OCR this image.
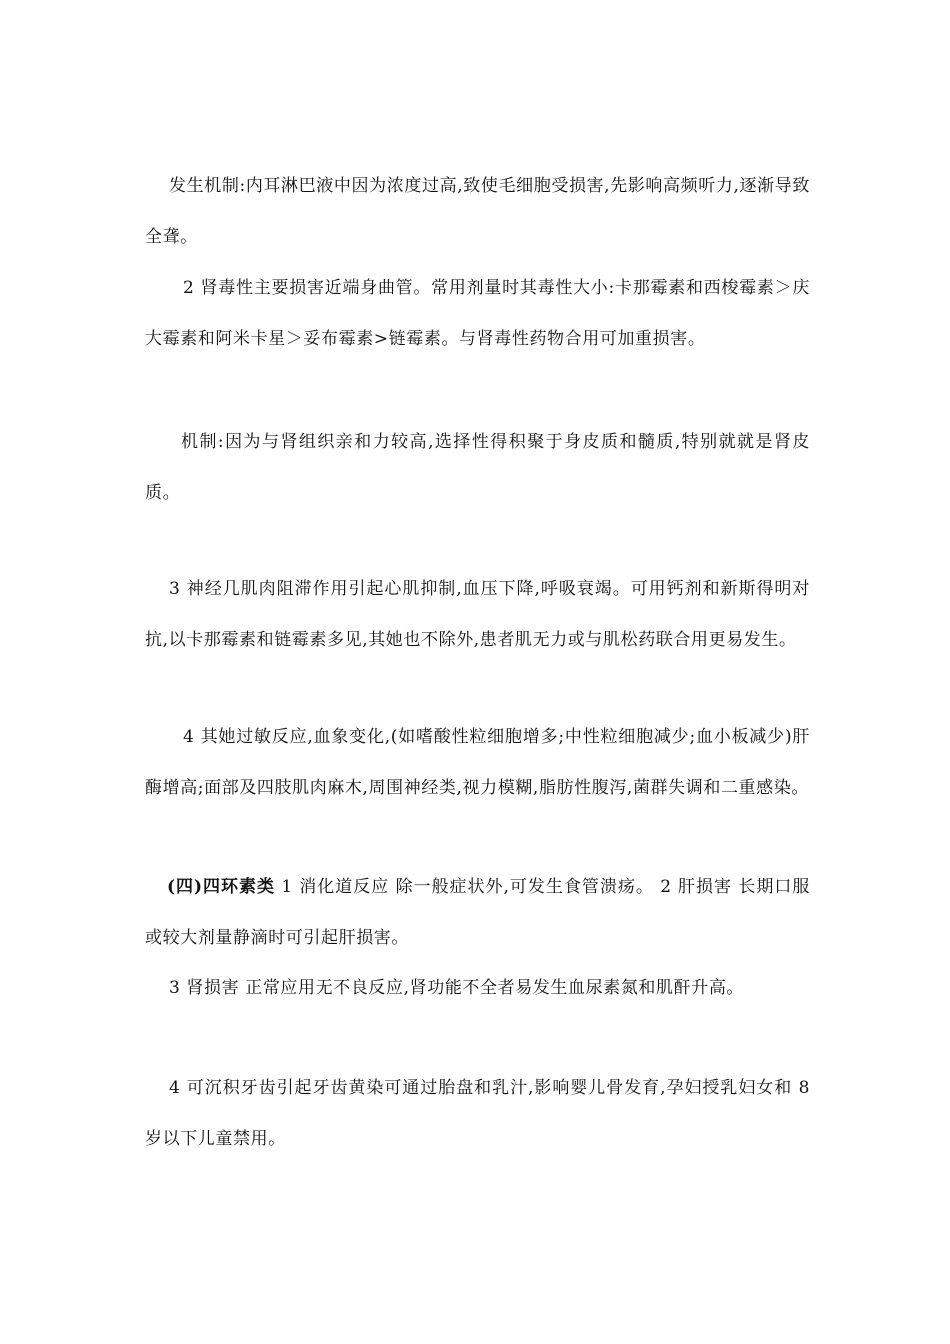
发生机制:内耳淋巴液中因为浓度过高,致使毛细胞受损害,先影响高频听力,逐渐导致全聋。
2 肾毒性主要损害近端身曲管。常用剂量时其毒性大小:卡那霉素和西梭霉素＞庆大霉素和阿米卡星＞妥布霉素>链霉素。与肾毒性药物合用可加重损害。
机制:因为与肾组织亲和力较高,选择性得积聚于身皮质和髓质,特别就就是肾皮质。
3 神经几肌肉阻滞作用引起心肌抑制,血压下降,呼吸衰竭。可用钙剂和新斯得明对抗,以卡那霉素和链霉素多见,其她也不除外,患者肌无力或与肌松药联合用更易发生。
4 其她过敏反应,血象变化,(如嗜酸性粒细胞增多;中性粒细胞减少;血小板减少)肝酶增高;面部及四肢肌肉麻木,周围神经类,视力模糊,脂肪性腹泻,菌群失调和二重感染。
(四)四环素类 1 消化道反应 除一般症状外,可发生食管溃疡。 2 肝损害 长期口服或较大剂量静滴时可引起肝损害。
3 肾损害 正常应用无不良反应,肾功能不全者易发生血尿素氮和肌酐升高。
4 可沉积牙齿引起牙齿黄染可通过胎盘和乳汁,影响婴儿骨发育,孕妇授乳妇女和 8 岁以下儿童禁用。
